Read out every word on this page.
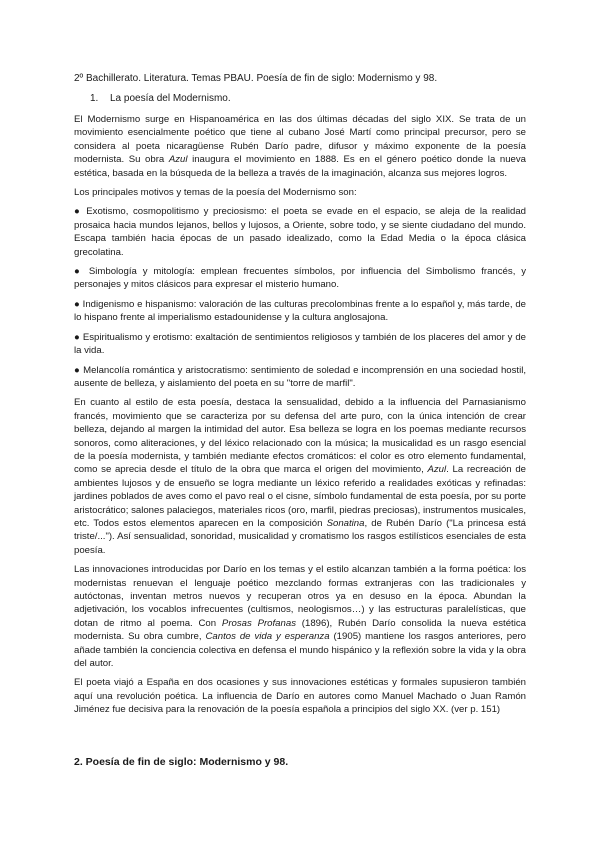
2º Bachillerato. Literatura. Temas PBAU. Poesía de fin de siglo: Modernismo y 98.

1. La poesía del Modernismo.

El Modernismo surge en Hispanoamérica en las dos últimas décadas del siglo XIX. Se trata de un movimiento esencialmente poético que tiene al cubano José Martí como principal precursor, pero se considera al poeta nicaragüense Rubén Darío padre, difusor y máximo exponente de la poesía modernista. Su obra Azul inaugura el movimiento en 1888. Es en el género poético donde la nueva estética, basada en la búsqueda de la belleza a través de la imaginación, alcanza sus mejores logros.

Los principales motivos y temas de la poesía del Modernismo son:

● Exotismo, cosmopolitismo y preciosismo: el poeta se evade en el espacio, se aleja de la realidad prosaica hacia mundos lejanos, bellos y lujosos, a Oriente, sobre todo, y se siente ciudadano del mundo. Escapa también hacia épocas de un pasado idealizado, como la Edad Media o la época clásica grecolatina.

● Simbología y mitología: emplean frecuentes símbolos, por influencia del Simbolismo francés, y personajes y mitos clásicos para expresar el misterio humano.

● Indigenismo e hispanismo: valoración de las culturas precolombinas frente a lo español y, más tarde, de lo hispano frente al imperialismo estadounidense y la cultura anglosajona.

● Espiritualismo y erotismo: exaltación de sentimientos religiosos y también de los placeres del amor y de la vida.

● Melancolía romántica y aristocratismo: sentimiento de soledad e incomprensión en una sociedad hostil, ausente de belleza, y aislamiento del poeta en su "torre de marfil".

En cuanto al estilo de esta poesía, destaca la sensualidad, debido a la influencia del Parnasianismo francés, movimiento que se caracteriza por su defensa del arte puro, con la única intención de crear belleza, dejando al margen la intimidad del autor. Esa belleza se logra en los poemas mediante recursos sonoros, como aliteraciones, y del léxico relacionado con la música; la musicalidad es un rasgo esencial de la poesía modernista, y también mediante efectos cromáticos: el color es otro elemento fundamental, como se aprecia desde el título de la obra que marca el origen del movimiento, Azul. La recreación de ambientes lujosos y de ensueño se logra mediante un léxico referido a realidades exóticas y refinadas: jardines poblados de aves como el pavo real o el cisne, símbolo fundamental de esta poesía, por su porte aristocrático; salones palaciegos, materiales ricos (oro, marfil, piedras preciosas), instrumentos musicales, etc. Todos estos elementos aparecen en la composición Sonatina, de Rubén Darío ("La princesa está triste/..."). Así sensualidad, sonoridad, musicalidad y cromatismo los rasgos estilísticos esenciales de esta poesía.

Las innovaciones introducidas por Darío en los temas y el estilo alcanzan también a la forma poética: los modernistas renuevan el lenguaje poético mezclando formas extranjeras con las tradicionales y autóctonas, inventan metros nuevos y recuperan otros ya en desuso en la época. Abundan la adjetivación, los vocablos infrecuentes (cultismos, neologismos…) y las estructuras paralelísticas, que dotan de ritmo al poema. Con Prosas Profanas (1896), Rubén Darío consolida la nueva estética modernista. Su obra cumbre, Cantos de vida y esperanza (1905) mantiene los rasgos anteriores, pero añade también la conciencia colectiva en defensa el mundo hispánico y la reflexión sobre la vida y la obra del autor.

El poeta viajó a España en dos ocasiones y sus innovaciones estéticas y formales supusieron también aquí una revolución poética. La influencia de Darío en autores como Manuel Machado o Juan Ramón Jiménez fue decisiva para la renovación de la poesía española a principios del siglo XX. (ver p. 151)

2. Poesía de fin de siglo: Modernismo y 98.
